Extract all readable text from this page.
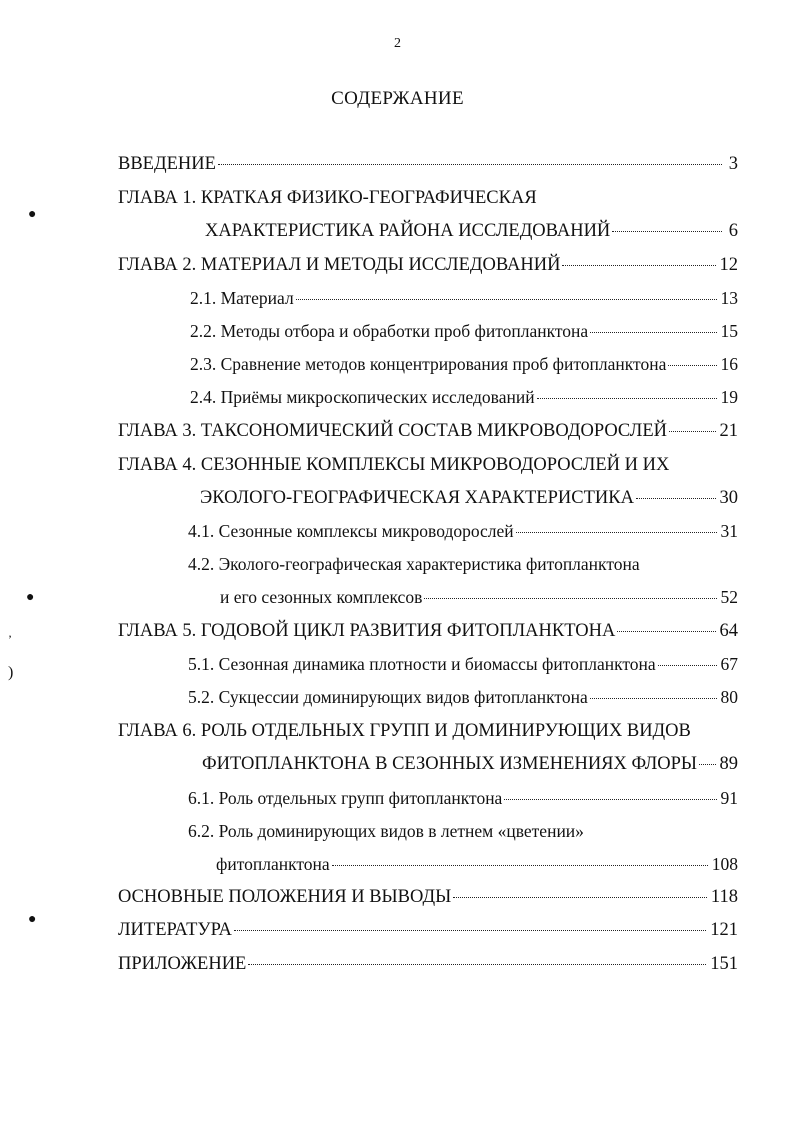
2
СОДЕРЖАНИЕ
ВВЕДЕНИЕ	3
ГЛАВА 1. КРАТКАЯ ФИЗИКО-ГЕОГРАФИЧЕСКАЯ
ХАРАКТЕРИСТИКА РАЙОНА ИССЛЕДОВАНИЙ	6
ГЛАВА 2. МАТЕРИАЛ И МЕТОДЫ ИССЛЕДОВАНИЙ	12
2.1. Материал	13
2.2. Методы отбора и обработки проб фитопланктона	15
2.3. Сравнение методов концентрирования проб фитопланктона	16
2.4. Приёмы микроскопических исследований	19
ГЛАВА 3. ТАКСОНОМИЧЕСКИЙ СОСТАВ МИКРОВОДОРОСЛЕЙ	21
ГЛАВА 4. СЕЗОННЫЕ КОМПЛЕКСЫ МИКРОВОДОРОСЛЕЙ И ИХ
ЭКОЛОГО-ГЕОГРАФИЧЕСКАЯ ХАРАКТЕРИСТИКА	30
4.1. Сезонные комплексы микроводорослей	31
4.2. Эколого-географическая характеристика фитопланктона
и его сезонных комплексов	52
ГЛАВА 5. ГОДОВОЙ ЦИКЛ РАЗВИТИЯ ФИТОПЛАНКТОНА	64
5.1. Сезонная динамика плотности и биомассы фитопланктона	67
5.2. Сукцессии доминирующих видов фитопланктона	80
ГЛАВА 6. РОЛЬ ОТДЕЛЬНЫХ ГРУПП И ДОМИНИРУЮЩИХ ВИДОВ
ФИТОПЛАНКТОНА В СЕЗОННЫХ ИЗМЕНЕНИЯХ ФЛОРЫ 89
6.1. Роль отдельных групп фитопланктона	91
6.2. Роль доминирующих видов в летнем «цветении»
фитопланктона	108
ОСНОВНЫЕ ПОЛОЖЕНИЯ И ВЫВОДЫ	118
ЛИТЕРАТУРА	121
ПРИЛОЖЕНИЕ	151
●
●
●
’
)
